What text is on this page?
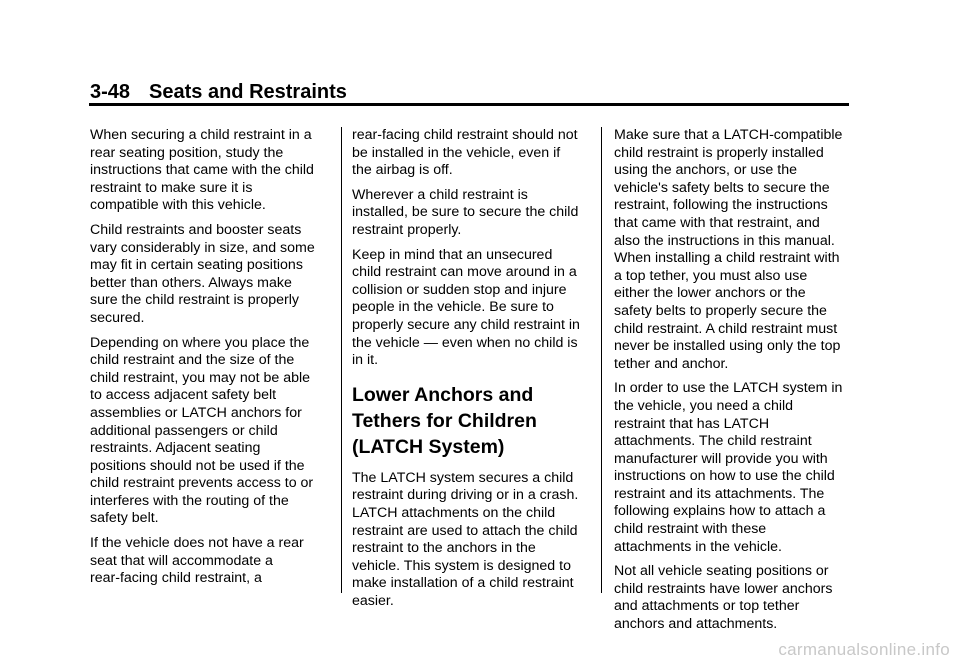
3-48 Seats and Restraints

When securing a child restraint in a
rear seating position, study the
instructions that came with the child
restraint to make sure it is
compatible with this vehicle.

Child restraints and booster seats
vary considerably in size, and some
may fit in certain seating positions
better than others. Always make
sure the child restraint is properly
secured.

Depending on where you place the
child restraint and the size of the
child restraint, you may not be able
to access adjacent safety belt
assemblies or LATCH anchors for
additional passengers or child
restraints. Adjacent seating
positions should not be used if the
child restraint prevents access to or
interferes with the routing of the
safety belt.

If the vehicle does not have a rear
seat that will accommodate a
rear-facing child restraint, a

rear-facing child restraint should not
be installed in the vehicle, even if
the airbag is off.

Wherever a child restraint is
installed, be sure to secure the child
restraint properly.

Keep in mind that an unsecured
child restraint can move around in a
collision or sudden stop and injure
people in the vehicle. Be sure to
properly secure any child restraint in
the vehicle — even when no child is
in it.

Lower Anchors and
Tethers for Children
(LATCH System)

The LATCH system secures a child
restraint during driving or in a crash.
LATCH attachments on the child
restraint are used to attach the child
restraint to the anchors in the
vehicle. This system is designed to
make installation of a child restraint
easier.

Make sure that a LATCH-compatible
child restraint is properly installed
using the anchors, or use the
vehicle's safety belts to secure the
restraint, following the instructions
that came with that restraint, and
also the instructions in this manual.
When installing a child restraint with
a top tether, you must also use
either the lower anchors or the
safety belts to properly secure the
child restraint. A child restraint must
never be installed using only the top
tether and anchor.

In order to use the LATCH system in
the vehicle, you need a child
restraint that has LATCH
attachments. The child restraint
manufacturer will provide you with
instructions on how to use the child
restraint and its attachments. The
following explains how to attach a
child restraint with these
attachments in the vehicle.

Not all vehicle seating positions or
child restraints have lower anchors
and attachments or top tether
anchors and attachments.

carmanualsonline.info
